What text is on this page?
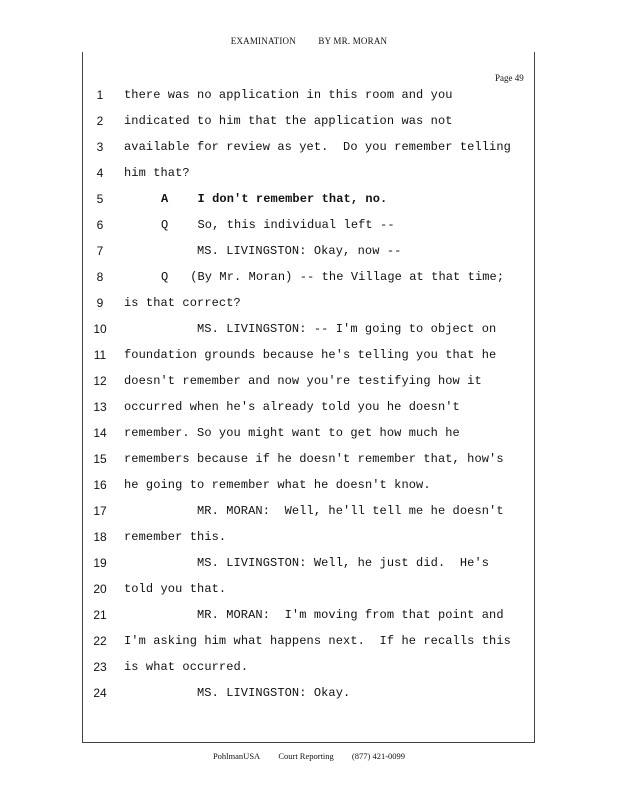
EXAMINATION BY MR. MORAN
Page 49
1	there was no application in this room and you
2	indicated to him that the application was not
3	available for review as yet.  Do you remember telling
4	him that?
5	A    I don't remember that, no.
6	Q    So, this individual left --
7	MS. LIVINGSTON: Okay, now --
8	Q   (By Mr. Moran) -- the Village at that time;
9	is that correct?
10	MS. LIVINGSTON: -- I'm going to object on
11	foundation grounds because he's telling you that he
12 doesn't remember and now you're testifying how it
13 occurred when he's already told you he doesn't
14 remember. So you might want to get how much he
15 remembers because if he doesn't remember that, how's
16 he going to remember what he doesn't know.
17	MR. MORAN:  Well, he'll tell me he doesn't
18 remember this.
19	MS. LIVINGSTON: Well, he just did.  He's
20 told you that.
21	MR. MORAN:  I'm moving from that point and
22 I'm asking him what happens next.  If he recalls this
23 is what occurred.
24	MS. LIVINGSTON: Okay.
PohlmanUSA Court Reporting (877) 421-0099
